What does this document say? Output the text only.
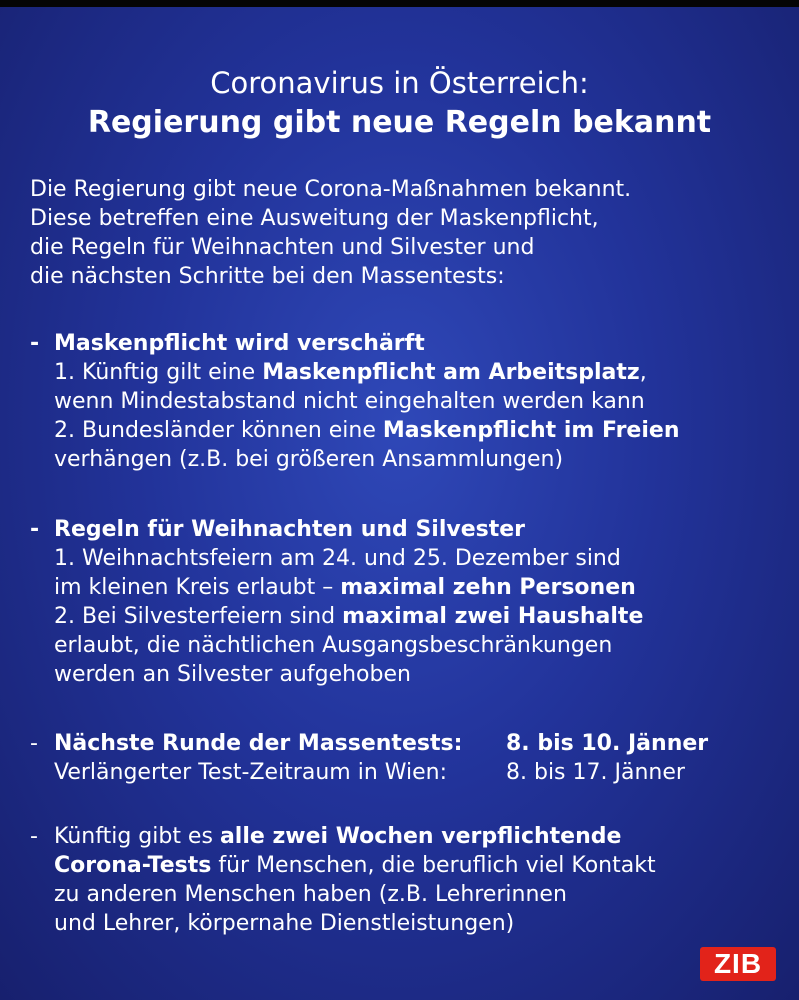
Coronavirus in Österreich:
Regierung gibt neue Regeln bekannt
Die Regierung gibt neue Corona-Maßnahmen bekannt.
Diese betreffen eine Ausweitung der Maskenpflicht,
die Regeln für Weihnachten und Silvester und
die nächsten Schritte bei den Massentests:
- Maskenpflicht wird verschärft
1. Künftig gilt eine Maskenpflicht am Arbeitsplatz,
wenn Mindestabstand nicht eingehalten werden kann
2. Bundesländer können eine Maskenpflicht im Freien
verhängen (z.B. bei größeren Ansammlungen)
- Regeln für Weihnachten und Silvester
1. Weihnachtsfeiern am 24. und 25. Dezember sind
im kleinen Kreis erlaubt – maximal zehn Personen
2. Bei Silvesterfeiern sind maximal zwei Haushalte
erlaubt, die nächtlichen Ausgangsbeschränkungen
werden an Silvester aufgehoben
- Nächste Runde der Massentests: 8. bis 10. Jänner
Verlängerter Test-Zeitraum in Wien:	8. bis 17. Jänner
- Künftig gibt es alle zwei Wochen verpflichtende
Corona-Tests für Menschen, die beruflich viel Kontakt
zu anderen Menschen haben (z.B. Lehrerinnen
und Lehrer, körpernahe Dienstleistungen)
ZIB
